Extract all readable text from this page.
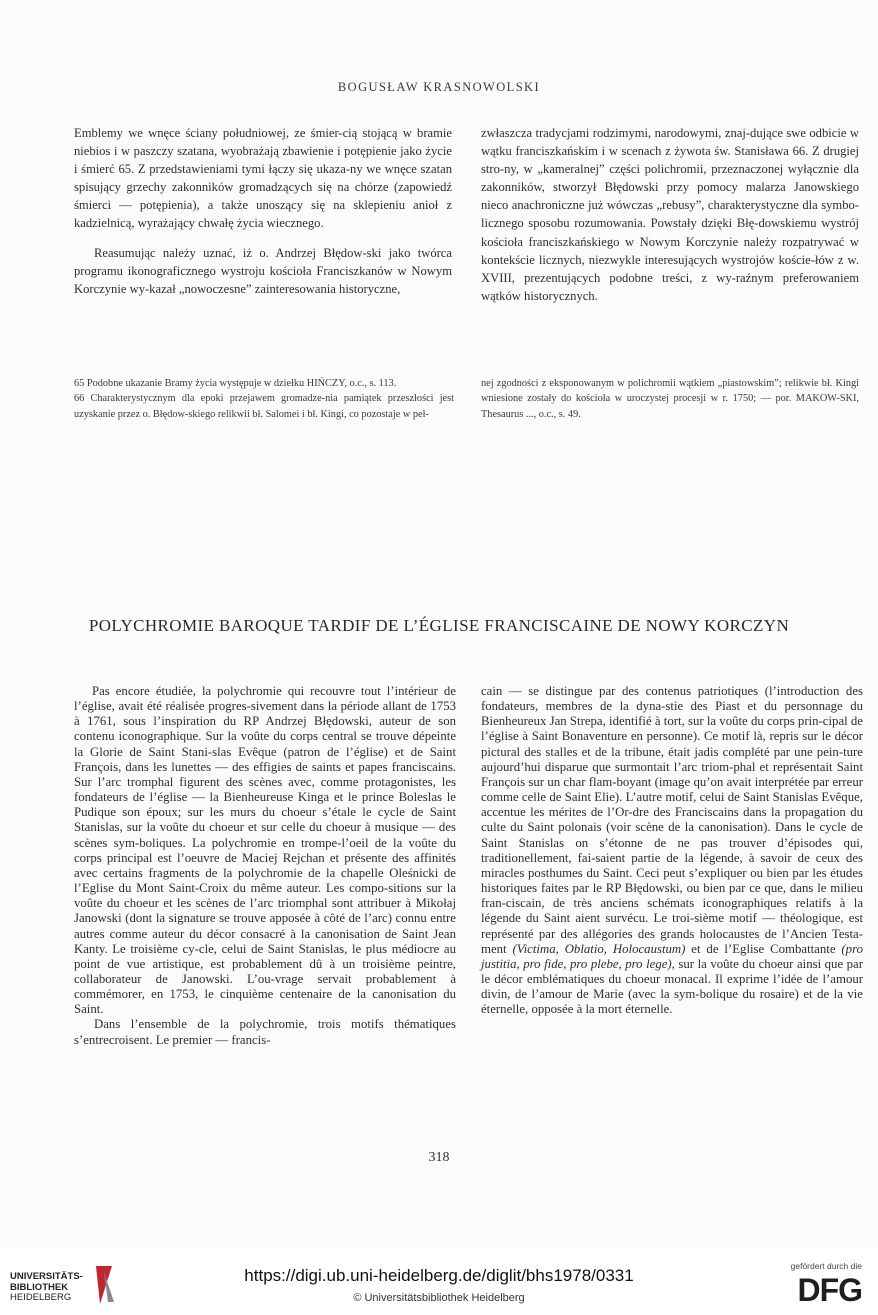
BOGUSŁAW KRASNOWOLSKI

Emblemy we wnęce ściany południowej, ze śmier-cią stojącą w bramie niebios i w paszczy szatana, wyobrażają zbawienie i potępienie jako życie i śmierć 65. Z przedstawieniami tymi łączy się ukaza-ny we wnęce szatan spisujący grzechy zakonników gromadzących się na chórze (zapowiedź śmierci — potępienia), a także unoszący się na sklepieniu anioł z kadzielnicą, wyrażający chwałę życia wiecznego.

Reasumując należy uznać, iż o. Andrzej Błędow-ski jako twórca programu ikonograficznego wystroju kościoła Franciszkanów w Nowym Korczynie wy-kazał „nowoczesne” zainteresowania historyczne,

zwłaszcza tradycjami rodzimymi, narodowymi, znaj-dujące swe odbicie w wątku franciszkańskim i w scenach z żywota św. Stanisława 66. Z drugiej stro-ny, w „kameralnej” części polichromii, przeznaczonej wyłącznie dla zakonników, stworzył Błędowski przy pomocy malarza Janowskiego nieco anachroniczne już wówczas „rebusy”, charakterystyczne dla symbo-licznego sposobu rozumowania. Powstały dzięki Błę-dowskiemu wystrój kościoła franciszkańskiego w Nowym Korczynie należy rozpatrywać w kontekście licznych, niezwykle interesujących wystrojów koście-łów z w. XVIII, prezentujących podobne treści, z wy-raźnym preferowaniem wątków historycznych.

65 Podobne ukazanie Bramy życia występuje w dziełku HIŃCZY, o.c., s. 113.

66 Charakterystycznym dla epoki przejawem gromadze-nia pamiątek przeszłości jest uzyskanie przez o. Błędow-skiego relikwii bł. Salomei i bł. Kingi, co pozostaje w peł-

nej zgodności z eksponowanym w polichromii wątkiem „piastowskim”; relikwie bł. Kingi wniesione zostały do kościoła w uroczystej procesji w r. 1750; — por. MAKOW-SKI, Thesaurus ..., o.c., s. 49.

POLYCHROMIE BAROQUE TARDIF DE L’ÉGLISE FRANCISCAINE DE NOWY KORCZYN

Pas encore étudiée, la polychromie qui recouvre tout l’intérieur de l’église, avait été réalisée progres-sivement dans la période allant de 1753 à 1761, sous l’inspiration du RP Andrzej Błędowski, auteur de son contenu iconographique. Sur la voûte du corps central se trouve dépeinte la Glorie de Saint Stani-slas Evêque (patron de l’église) et de Saint François, dans les lunettes — des effigies de saints et papes franciscains. Sur l’arc tromphal figurent des scènes avec, comme protagonistes, les fondateurs de l’église — la Bienheureuse Kinga et le prince Boleslas le Pudique son époux; sur les murs du choeur s’étale le cycle de Saint Stanislas, sur la voûte du choeur et sur celle du choeur à musique — des scènes sym-boliques. La polychromie en trompe-l’oeil de la voûte du corps principal est l’oeuvre de Maciej Rejchan et présente des affinités avec certains fragments de la polychromie de la chapelle Oleśnicki de l’Eglise du Mont Saint-Croix du même auteur. Les compo-sitions sur la voûte du choeur et les scènes de l’arc triomphal sont attribuer à Mikołaj Janowski (dont la signature se trouve apposée à côté de l’arc) connu entre autres comme auteur du décor consacré à la canonisation de Saint Jean Kanty. Le troisième cy-cle, celui de Saint Stanislas, le plus médiocre au point de vue artistique, est probablement dû à un troisième peintre, collaborateur de Janowski. L’ou-vrage servait probablement à commémorer, en 1753, le cinquième centenaire de la canonisation du Saint.

Dans l’ensemble de la polychromie, trois motifs thématiques s’entrecroisent. Le premier — francis-

cain — se distingue par des contenus patriotiques (l’introduction des fondateurs, membres de la dyna-stie des Piast et du personnage du Bienheureux Jan Strepa, identifié à tort, sur la voûte du corps prin-cipal de l’église à Saint Bonaventure en personne). Ce motif là, repris sur le décor pictural des stalles et de la tribune, était jadis complété par une pein-ture aujourd’hui disparue que surmontait l’arc triom-phal et représentait Saint François sur un char flam-boyant (image qu’on avait interprétée par erreur comme celle de Saint Elie). L’autre motif, celui de Saint Stanislas Evêque, accentue les mérites de l’Or-dre des Franciscains dans la propagation du culte du Saint polonais (voir scène de la canonisation). Dans le cycle de Saint Stanislas on s’étonne de ne pas trouver d’épisodes qui, traditionellement, fai-saient partie de la légende, à savoir de ceux des miracles posthumes du Saint. Ceci peut s’expliquer ou bien par les études historiques faites par le RP Błędowski, ou bien par ce que, dans le milieu fran-ciscain, de très anciens schémats iconographiques relatifs à la légende du Saint aient survécu. Le troi-sième motif — théologique, est représenté par des allégories des grands holocaustes de l’Ancien Testa-ment (Victima, Oblatio, Holocaustum) et de l’Eglise Combattante (pro justitia, pro fide, pro plebe, pro lege), sur la voûte du choeur ainsi que par le décor emblématiques du choeur monacal. Il exprime l’idée de l’amour divin, de l’amour de Marie (avec la sym-bolique du rosaire) et de la vie éternelle, opposée à la mort éternelle.

318
UNIVERSITÄTS-
BIBLIOTHEK
HEIDELBERG
https://digi.ub.uni-heidelberg.de/diglit/bhs1978/0331
© Universitätsbibliothek Heidelberg
gefördert durch die
DFG
